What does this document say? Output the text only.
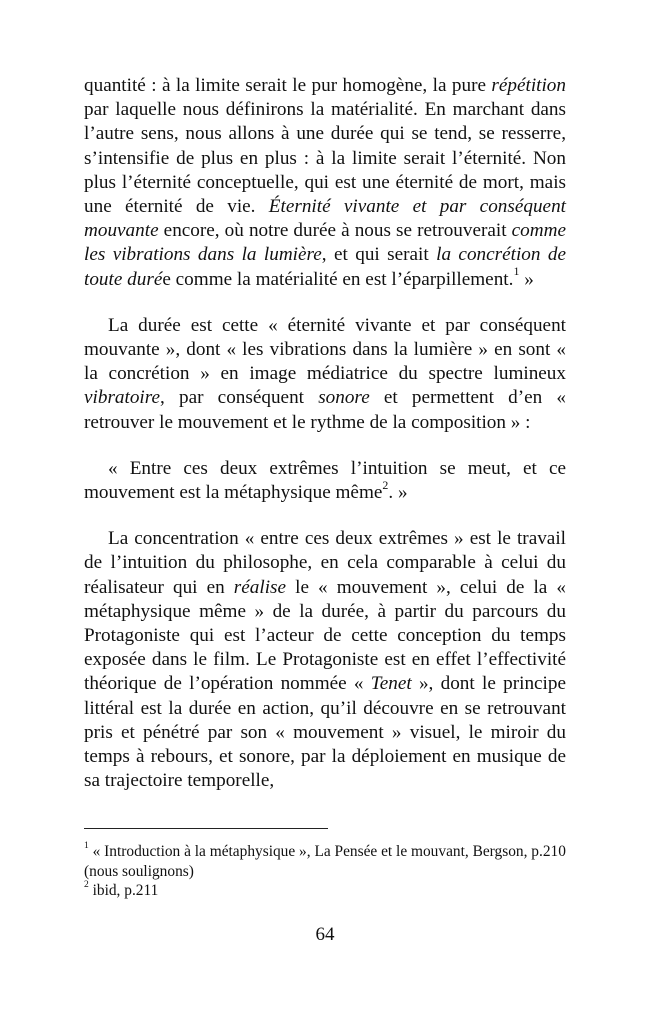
quantité : à la limite serait le pur homogène, la pure répétition par laquelle nous définirons la matérialité. En marchant dans l’autre sens, nous allons à une durée qui se tend, se resserre, s’intensifie de plus en plus : à la limite serait l’éternité. Non plus l’éternité conceptuelle, qui est une éternité de mort, mais une éternité de vie. Éternité vivante et par conséquent mouvante encore, où notre durée à nous se retrouverait comme les vibrations dans la lumière, et qui serait la concrétion de toute durée comme la matérialité en est l’éparpillement.$^1$ »

La durée est cette « éternité vivante et par conséquent mouvante », dont « les vibrations dans la lumière » en sont « la concrétion » en image médiatrice du spectre lumineux vibratoire, par conséquent sonore et permettent d’en « retrouver le mouvement et le rythme de la composition » :

« Entre ces deux extrêmes l’intuition se meut, et ce mouvement est la métaphysique même$^2$. »

La concentration « entre ces deux extrêmes » est le travail de l’intuition du philosophe, en cela comparable à celui du réalisateur qui en réalise le « mouvement », celui de la « métaphysique même » de la durée, à partir du parcours du Protagoniste qui est l’acteur de cette conception du temps exposée dans le film. Le Protagoniste est en effet l’effectivité théorique de l’opération nommée « Tenet », dont le principe littéral est la durée en action, qu’il découvre en se retrouvant pris et pénétré par son « mouvement » visuel, le miroir du temps à rebours, et sonore, par la déploiement en musique de sa trajectoire temporelle,

$^1$ « Introduction à la métaphysique », La Pensée et le mouvant, Bergson, p.210 (nous soulignons)

$^2$ ibid, p.211

64
